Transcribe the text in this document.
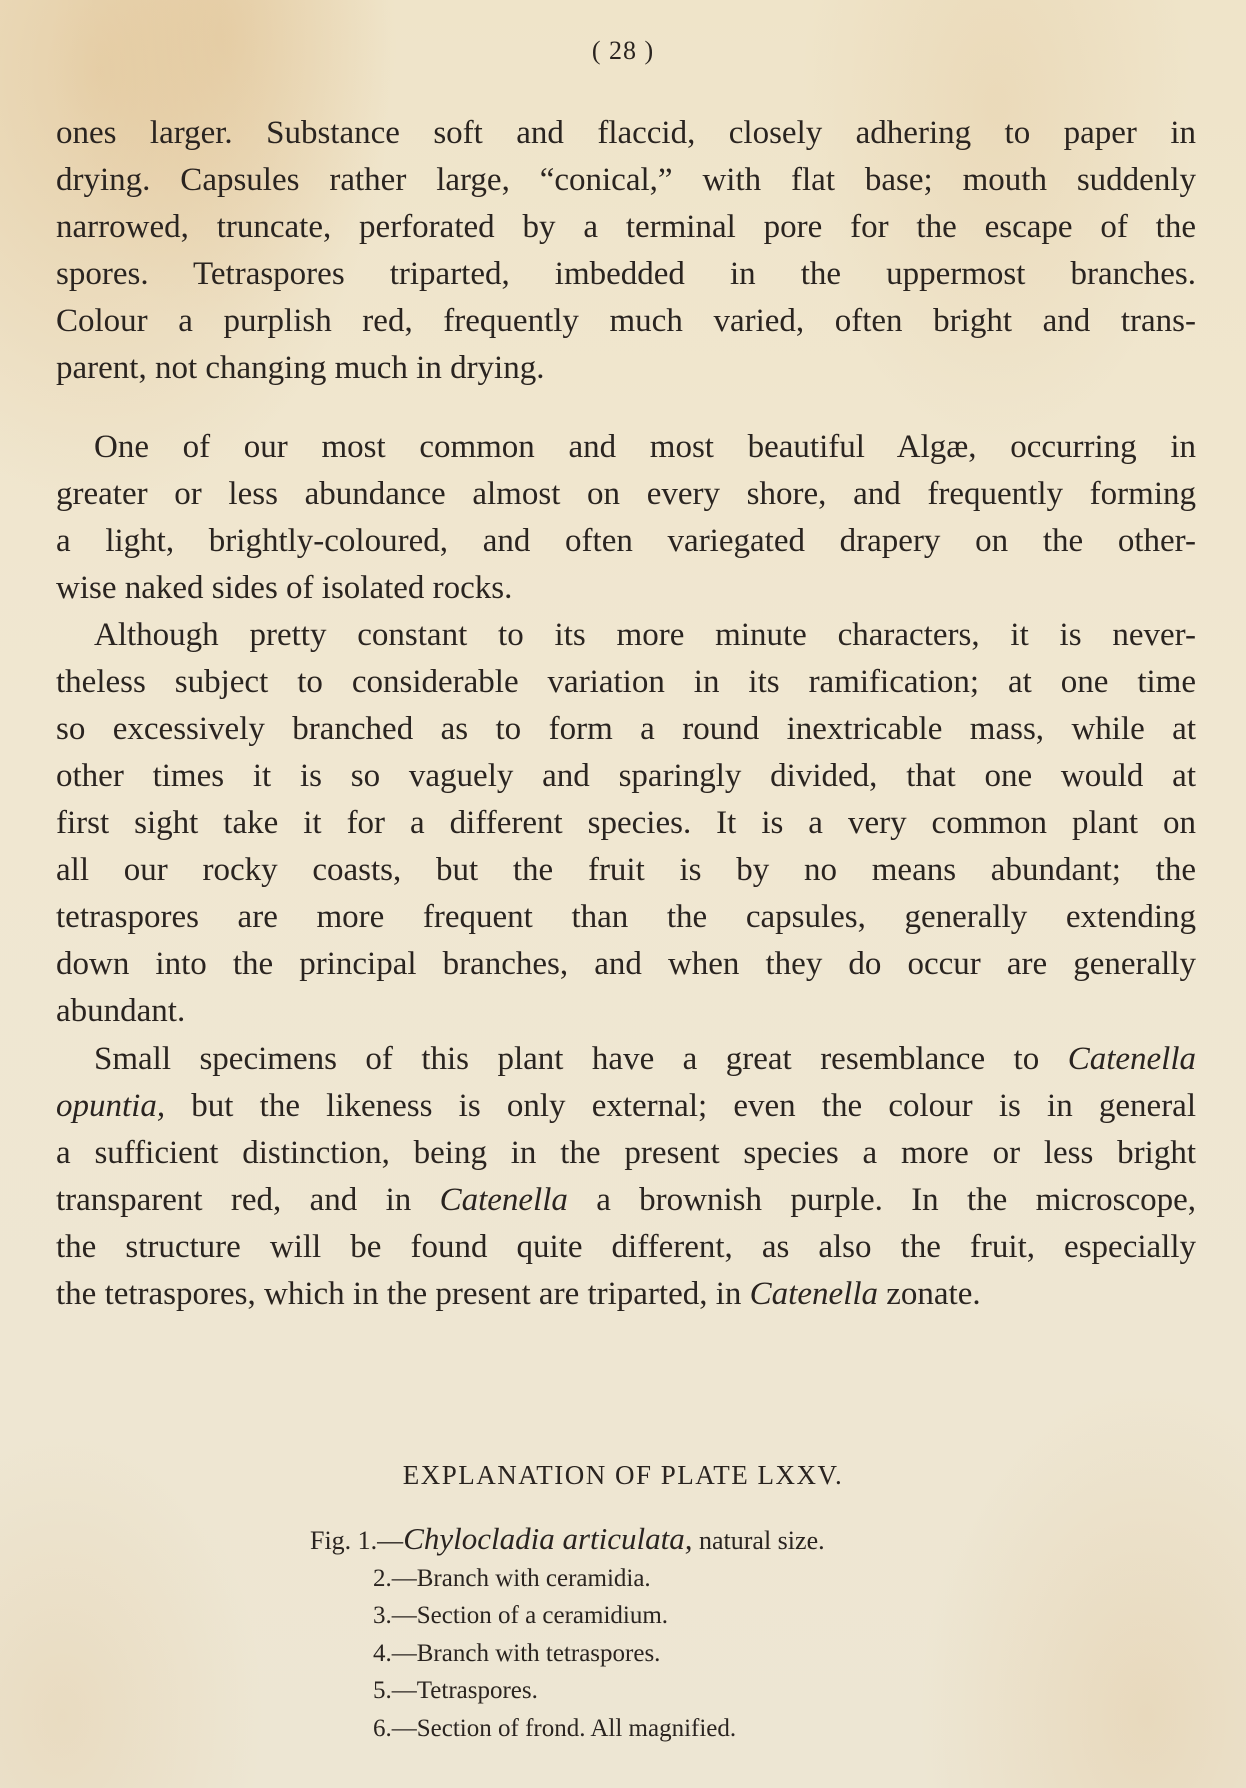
( 28 )
ones larger. Substance soft and flaccid, closely adhering to paper in
drying. Capsules rather large, “conical,” with flat base; mouth suddenly
narrowed, truncate, perforated by a terminal pore for the escape of the
spores. Tetraspores triparted, imbedded in the uppermost branches.
Colour a purplish red, frequently much varied, often bright and trans-
parent, not changing much in drying.
One of our most common and most beautiful Algæ, occurring in
greater or less abundance almost on every shore, and frequently forming
a light, brightly-coloured, and often variegated drapery on the other-
wise naked sides of isolated rocks.
Although pretty constant to its more minute characters, it is never-
theless subject to considerable variation in its ramification; at one time
so excessively branched as to form a round inextricable mass, while at
other times it is so vaguely and sparingly divided, that one would at
first sight take it for a different species. It is a very common plant on
all our rocky coasts, but the fruit is by no means abundant; the
tetraspores are more frequent than the capsules, generally extending
down into the principal branches, and when they do occur are generally
abundant.
Small specimens of this plant have a great resemblance to Catenella
opuntia, but the likeness is only external; even the colour is in general
a sufficient distinction, being in the present species a more or less bright
transparent red, and in Catenella a brownish purple. In the microscope,
the structure will be found quite different, as also the fruit, especially
the tetraspores, which in the present are triparted, in Catenella zonate.
EXPLANATION OF PLATE LXXV.
Fig. 1.—Chylocladia articulata, natural size.
2.—Branch with ceramidia.
3.—Section of a ceramidium.
4.—Branch with tetraspores.
5.—Tetraspores.
6.—Section of frond. All magnified.
